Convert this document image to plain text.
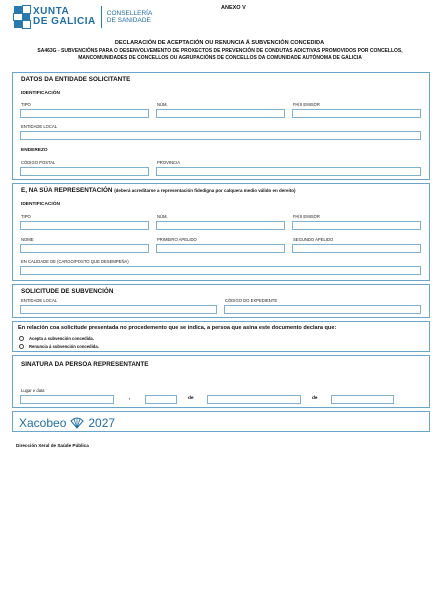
XUNTA
DE GALICIA
CONSELLERÍA
DE SANIDADE
ANEXO V
DECLARACIÓN DE ACEPTACIÓN OU RENUNCIA Á SUBVENCIÓN CONCEDIDA
SA463G - SUBVENCIÓNS PARA O DESENVOLVEMENTO DE PROXECTOS DE PREVENCIÓN DE CONDUTAS ADICTIVAS PROMOVIDOS POR CONCELLOS, MANCOMUNIDADES DE CONCELLOS OU AGRUPACIÓNS DE CONCELLOS DA COMUNIDADE AUTÓNOMA DE GALICIA
DATOS DA ENTIDADE SOLICITANTE
IDENTIFICACIÓN
TIPO	NÚM.	PAÍS EMISOR
ENTIDADE LOCAL
ENDEREZO
CÓDIGO POSTAL	PROVINCIA
E, NA SÚA REPRESENTACIÓN (deberá acreditarse a representación fidedigna por calquera medio válido en dereito)
IDENTIFICACIÓN
TIPO	NÚM.	PAÍS EMISOR
NOME	PRIMEIRO APELIDO	SEGUNDO APELIDO
EN CALIDADE DE (CARGO/POSTO QUE DESEMPEÑA)
SOLICITUDE DE SUBVENCIÓN
ENTIDADE LOCAL	CÓDIGO DO EXPEDIENTE
En relación coa solicitude presentada no procedemento que se indica, a persoa que asina este documento declara que:
Acepta a subvención concedida.
Renuncia á subvención concedida.
SINATURA DA PERSOA REPRESENTANTE
Lugar e data
,	de	de
Xacobeo 2027
Dirección Xeral de Saúde Pública
